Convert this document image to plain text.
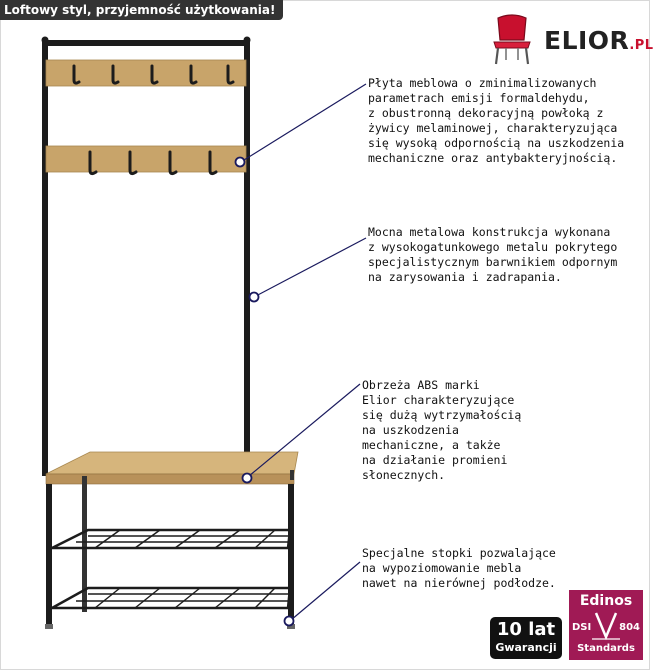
Loftowy styl, przyjemność użytkowania!
ELIOR.PL
Płyta meblowa o zminimalizowanych
parametrach emisji formaldehydu,
z obustronną dekoracyjną powłoką z
żywicy melaminowej, charakteryzująca
się wysoką odpornością na uszkodzenia
mechaniczne oraz antybakteryjnością.
Mocna metalowa konstrukcja wykonana
z wysokogatunkowego metalu pokrytego
specjalistycznym barwnikiem odpornym
na zarysowania i zadrapania.
Obrzeża ABS marki
Elior charakteryzujące
się dużą wytrzymałością
na uszkodzenia
mechaniczne, a także
na działanie promieni
słonecznych.
Specjalne stopki pozwalające
na wypoziomowanie mebla
nawet na nierównej podłodze.
10 lat
Gwarancji
Edinos
DSI	804
Standards
